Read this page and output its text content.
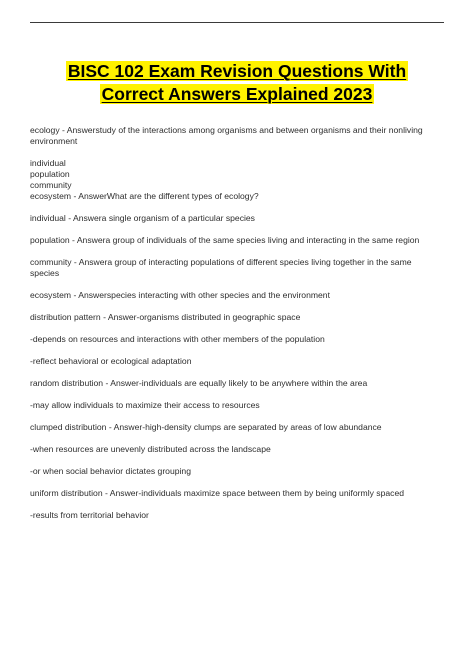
BISC 102 Exam Revision Questions With
Correct Answers Explained 2023

ecology - Answerstudy of the interactions among organisms and between organisms and their nonliving environment

individual

population

community

ecosystem - AnswerWhat are the different types of ecology?

individual - Answera single organism of a particular species

population - Answera group of individuals of the same species living and interacting in the same region

community - Answera group of interacting populations of different species living together in the same species

ecosystem - Answerspecies interacting with other species and the environment

distribution pattern - Answer-organisms distributed in geographic space

-depends on resources and interactions with other members of the population

-reflect behavioral or ecological adaptation

random distribution - Answer-individuals are equally likely to be anywhere within the area

-may allow individuals to maximize their access to resources

clumped distribution - Answer-high-density clumps are separated by areas of low abundance

-when resources are unevenly distributed across the landscape

-or when social behavior dictates grouping

uniform distribution - Answer-individuals maximize space between them by being uniformly spaced

-results from territorial behavior
